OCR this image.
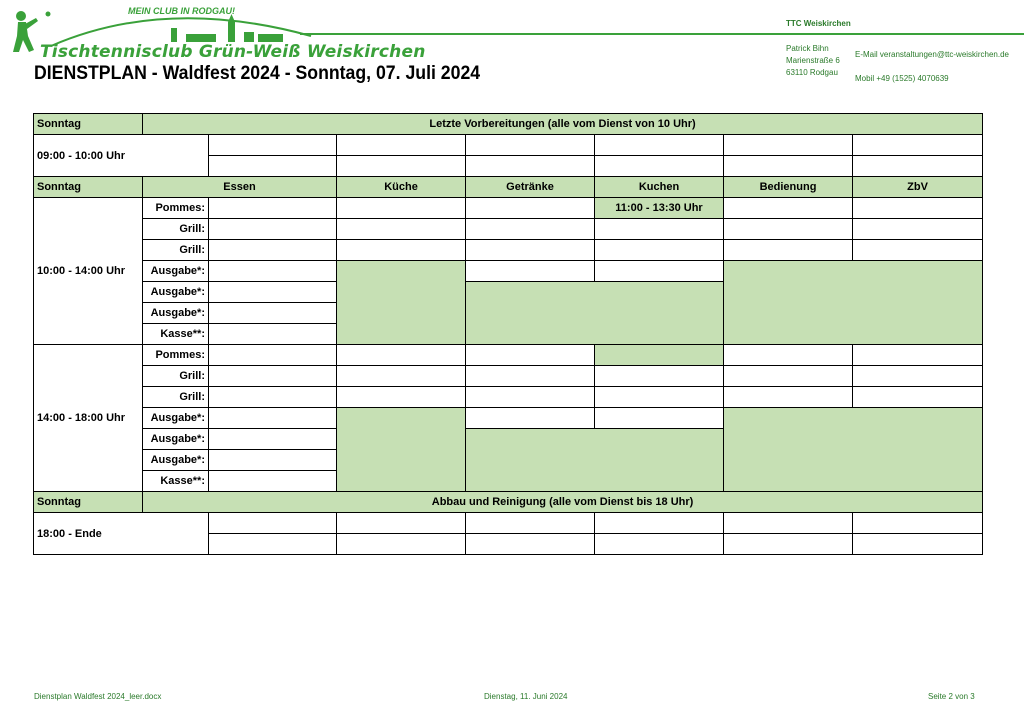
MEIN CLUB IN RODGAU!
Tischtennisclub Grün-Weiß Weiskirchen
DIENSTPLAN - Waldfest 2024 - Sonntag, 07. Juli 2024
TTC Weiskirchen
Patrick Bihn
Marienstraße 6
63110 Rodgau
E-Mail veranstaltungen@ttc-weiskirchen.de
Mobil +49 (1525) 4070639
Sonntag	Letzte Vorbereitungen (alle vom Dienst von 10 Uhr)						
09:00 - 10:00 Uhr							

Sonntag	Essen		Küche	Getränke	Kuchen	Bedienung	ZbV
10:00 - 14:00 Uhr	Pommes:				11:00 - 13:30 Uhr		
	Grill:						
	Grill:						
	Ausgabe*:						
	Ausgabe*:						
	Ausgabe*:						
	Kasse**:						
14:00 - 18:00 Uhr	Pommes:						
	Grill:						
	Grill:						
	Ausgabe*:						
	Ausgabe*:						
	Ausgabe*:						
	Kasse**:						
Sonntag	Abbau und Reinigung (alle vom Dienst bis 18 Uhr)						
18:00 - Ende							

Dienstplan Waldfest 2024_leer.docx	Dienstag, 11. Juni 2024	Seite 2 von 3
